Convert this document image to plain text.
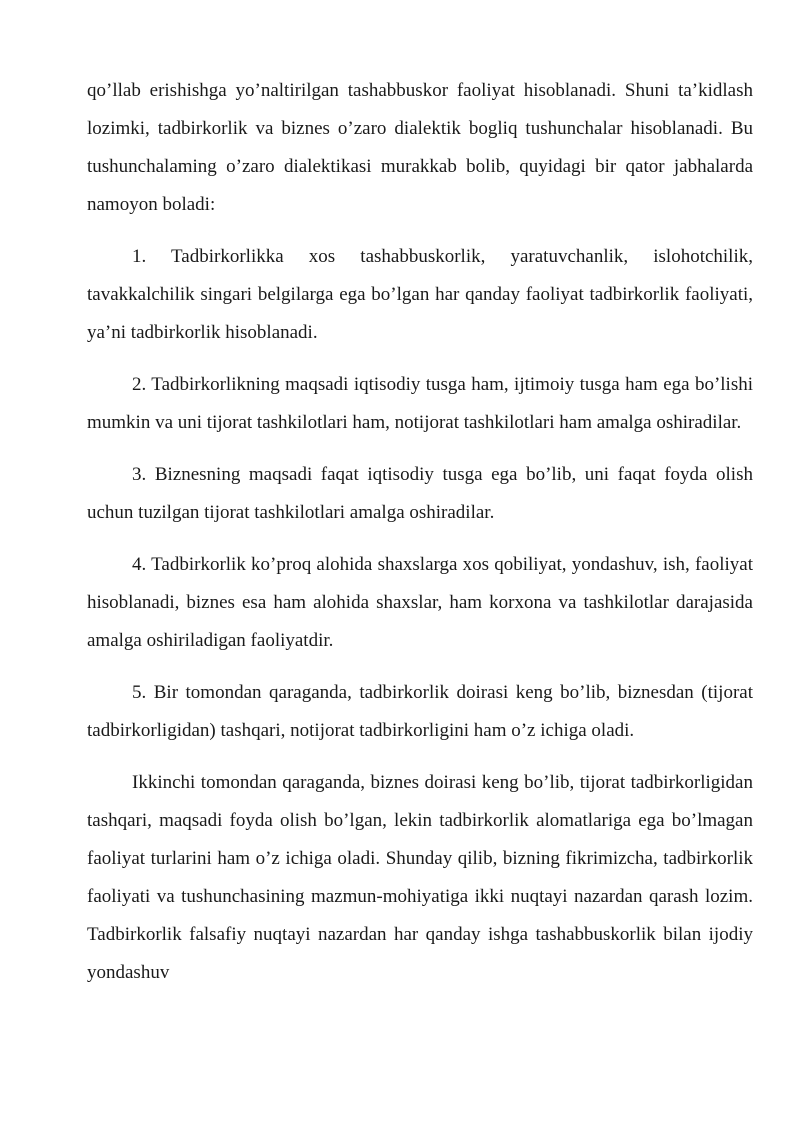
qo’llab erishishga yo’naltirilgan tashabbuskor faoliyat hisoblanadi. Shuni ta’kidlash lozimki, tadbirkorlik va biznes o’zaro dialektik bogliq tushunchalar hisoblanadi. Bu tushunchalaming o’zaro dialektikasi murakkab bolib, quyidagi bir qator jabhalarda namoyon boladi:

1. Tadbirkorlikka xos tashabbuskorlik, yaratuvchanlik, islohotchilik, tavakkalchilik singari belgilarga ega bo’lgan har qanday faoliyat tadbirkorlik faoliyati, ya’ni tadbirkorlik hisoblanadi.

2. Tadbirkorlikning maqsadi iqtisodiy tusga ham, ijtimoiy tusga ham ega bo’lishi mumkin va uni tijorat tashkilotlari ham, notijorat tashkilotlari ham amalga oshiradilar.

3. Biznesning maqsadi faqat iqtisodiy tusga ega bo’lib, uni faqat foyda olish uchun tuzilgan tijorat tashkilotlari amalga oshiradilar.

4. Tadbirkorlik ko’proq alohida shaxslarga xos qobiliyat, yondashuv, ish, faoliyat hisoblanadi, biznes esa ham alohida shaxslar, ham korxona va tashkilotlar darajasida amalga oshiriladigan faoliyatdir.

5. Bir tomondan qaraganda, tadbirkorlik doirasi keng bo’lib, biznesdan (tijorat tadbirkorligidan) tashqari, notijorat tadbirkorligini ham o’z ichiga oladi.

Ikkinchi tomondan qaraganda, biznes doirasi keng bo’lib, tijorat tadbirkorligidan tashqari, maqsadi foyda olish bo’lgan, lekin tadbirkorlik alomatlariga ega bo’lmagan faoliyat turlarini ham o’z ichiga oladi. Shunday qilib, bizning fikrimizcha, tadbirkorlik faoliyati va tushunchasining mazmun-mohiyatiga ikki nuqtayi nazardan qarash lozim. Tadbirkorlik falsafiy nuqtayi nazardan har qanday ishga tashabbuskorlik bilan ijodiy yondashuv
